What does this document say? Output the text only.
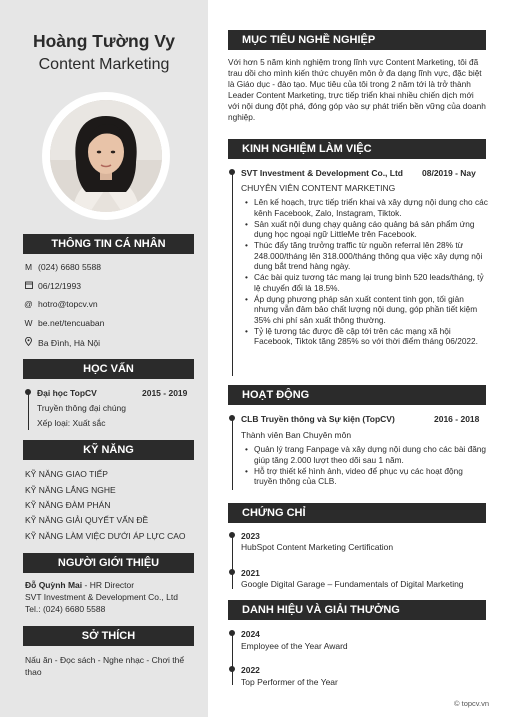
Hoàng Tường Vy
Content Marketing
THÔNG TIN CÁ NHÂN
M (024) 6680 5588
06/12/1993
@ hotro@topcv.vn
W be.net/tencuaban
Ba Đình, Hà Nội
HỌC VẤN
Đại học TopCV	2015 - 2019
Truyền thông đại chúng
Xếp loại: Xuất sắc
KỸ NĂNG
KỸ NĂNG GIAO TIẾP
KỸ NĂNG LẮNG NGHE
KỸ NĂNG ĐÀM PHÁN
KỸ NĂNG GIẢI QUYẾT VẤN ĐỀ
KỸ NĂNG LÀM VIỆC DƯỚI ÁP LỰC CAO
NGƯỜI GIỚI THIỆU
Đỗ Quỳnh Mai - HR Director
SVT Investment & Development Co., Ltd
Tel.: (024) 6680 5588
SỞ THÍCH
Nấu ăn - Đọc sách - Nghe nhạc - Chơi thể thao
MỤC TIÊU NGHỀ NGHIỆP
Với hơn 5 năm kinh nghiệm trong lĩnh vực Content Marketing, tôi đã trau dồi cho mình kiến thức chuyên môn ở đa dạng lĩnh vực, đặc biệt là Giáo dục - đào tạo. Mục tiêu của tôi trong 2 năm tới là trở thành Leader Content Marketing, trực tiếp triển khai nhiều chiến dịch mới với nội dung đột phá, đóng góp vào sự phát triển bền vững của doanh nghiệp.
KINH NGHIỆM LÀM VIỆC
SVT Investment & Development Co., Ltd 08/2019 - Nay
CHUYÊN VIÊN CONTENT MARKETING
• Lên kế hoạch, trực tiếp triển khai và xây dựng nội dung cho các kênh Facebook, Zalo, Instagram, Tiktok.
• Sản xuất nội dung chạy quảng cáo quảng bá sản phẩm ứng dụng học ngoại ngữ LittleMe trên Facebook.
• Thúc đẩy tăng trưởng traffic từ nguồn referral lên 28% từ 248.000/tháng lên 318.000/tháng thông qua việc xây dựng nội dung bắt trend hàng ngày.
• Các bài quiz tương tác mang lại trung bình 520 leads/tháng, tỷ lệ chuyển đổi là 18.5%.
• Áp dụng phương pháp sản xuất content tinh gọn, tối giản nhưng vẫn đảm bảo chất lượng nội dung, góp phần tiết kiệm 35% chi phí sản xuất thông thường.
• Tỷ lệ tương tác được đề cập tới trên các mạng xã hội Facebook, Tiktok tăng 285% so với thời điểm tháng 06/2022.
HOẠT ĐỘNG
CLB Truyền thông và Sự kiện (TopCV)	2016 - 2018
Thành viên Ban Chuyên môn
• Quản lý trang Fanpage và xây dựng nội dung cho các bài đăng giúp tăng 2.000 lượt theo dõi sau 1 năm.
• Hỗ trợ thiết kế hình ảnh, video để phục vụ các hoạt động truyền thông của CLB.
CHỨNG CHỈ
2023
HubSpot Content Marketing Certification
2021
Google Digital Garage – Fundamentals of Digital Marketing
DANH HIỆU VÀ GIẢI THƯỞNG
2024
Employee of the Year Award
2022
Top Performer of the Year
© topcv.vn
